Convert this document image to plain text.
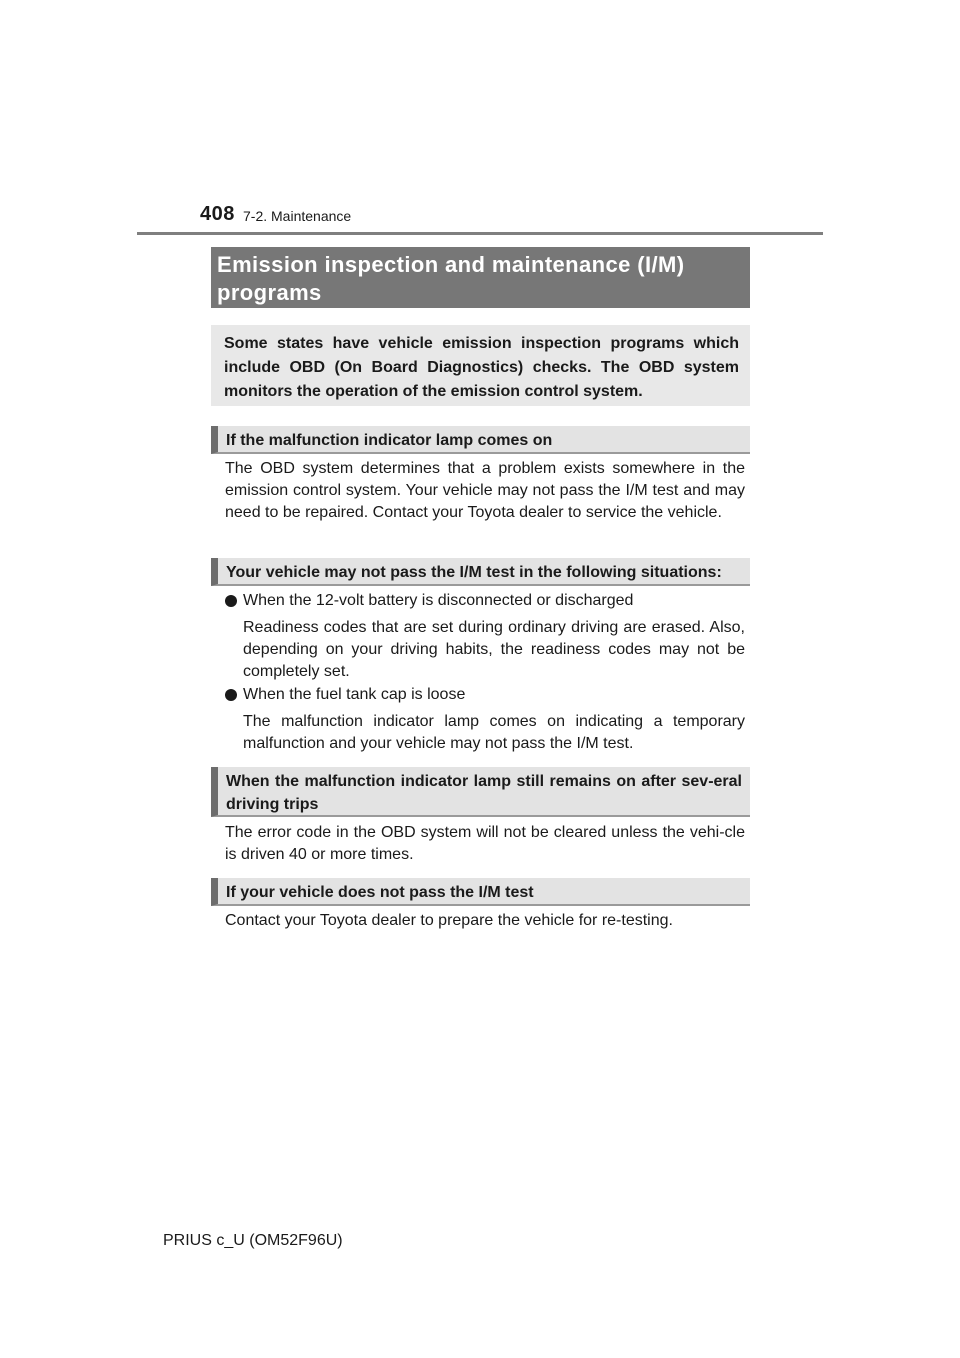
408 7-2. Maintenance
Emission inspection and maintenance (I/M) programs
Some states have vehicle emission inspection programs which include OBD (On Board Diagnostics) checks. The OBD system monitors the operation of the emission control system.
If the malfunction indicator lamp comes on
The OBD system determines that a problem exists somewhere in the emission control system. Your vehicle may not pass the I/M test and may need to be repaired. Contact your Toyota dealer to service the vehicle.
Your vehicle may not pass the I/M test in the following situations:
When the 12-volt battery is disconnected or discharged
Readiness codes that are set during ordinary driving are erased. Also, depending on your driving habits, the readiness codes may not be completely set.
When the fuel tank cap is loose
The malfunction indicator lamp comes on indicating a temporary malfunction and your vehicle may not pass the I/M test.
When the malfunction indicator lamp still remains on after sev-eral driving trips
The error code in the OBD system will not be cleared unless the vehi-cle is driven 40 or more times.
If your vehicle does not pass the I/M test
Contact your Toyota dealer to prepare the vehicle for re-testing.
PRIUS c_U (OM52F96U)
